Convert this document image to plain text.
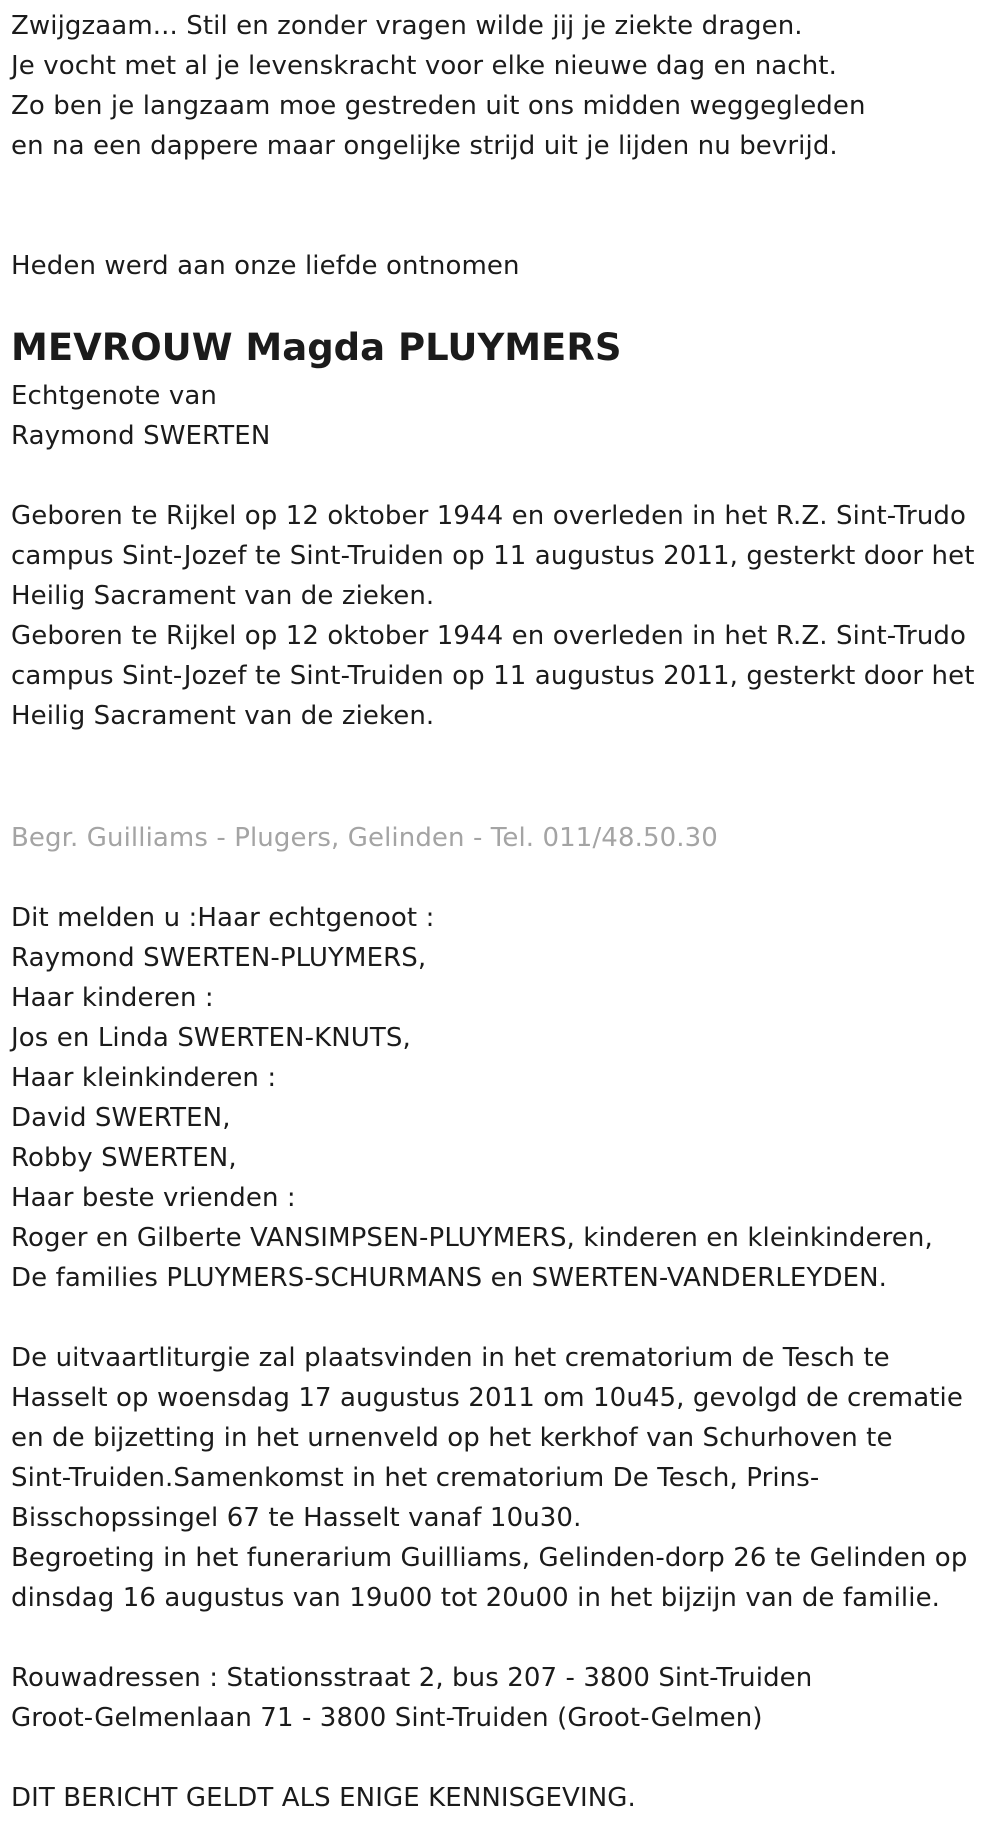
Zwijgzaam... Stil en zonder vragen wilde jij je ziekte dragen.
Je vocht met al je levenskracht voor elke nieuwe dag en nacht.
Zo ben je langzaam moe gestreden uit ons midden weggegleden
en na een dappere maar ongelijke strijd uit je lijden nu bevrijd.
Heden werd aan onze liefde ontnomen
MEVROUW Magda PLUYMERS
Echtgenote van
Raymond SWERTEN
Geboren te Rijkel op 12 oktober 1944 en overleden in het R.Z. Sint-Trudo
campus Sint-Jozef te Sint-Truiden op 11 augustus 2011, gesterkt door het
Heilig Sacrament van de zieken.
Geboren te Rijkel op 12 oktober 1944 en overleden in het R.Z. Sint-Trudo
campus Sint-Jozef te Sint-Truiden op 11 augustus 2011, gesterkt door het
Heilig Sacrament van de zieken.
Begr. Guilliams - Plugers, Gelinden - Tel. 011/48.50.30
Dit melden u :Haar echtgenoot :
Raymond SWERTEN-PLUYMERS,
Haar kinderen :
Jos en Linda SWERTEN-KNUTS,
Haar kleinkinderen :
David SWERTEN,
Robby SWERTEN,
Haar beste vrienden :
Roger en Gilberte VANSIMPSEN-PLUYMERS, kinderen en kleinkinderen,
De families PLUYMERS-SCHURMANS en SWERTEN-VANDERLEYDEN.
De uitvaartliturgie zal plaatsvinden in het crematorium de Tesch te
Hasselt op woensdag 17 augustus 2011 om 10u45, gevolgd de crematie
en de bijzetting in het urnenveld op het kerkhof van Schurhoven te
Sint-Truiden.Samenkomst in het crematorium De Tesch, Prins-
Bisschopssingel 67 te Hasselt vanaf 10u30.
Begroeting in het funerarium Guilliams, Gelinden-dorp 26 te Gelinden op
dinsdag 16 augustus van 19u00 tot 20u00 in het bijzijn van de familie.
Rouwadressen : Stationsstraat 2, bus 207 - 3800 Sint-Truiden
Groot-Gelmenlaan 71 - 3800 Sint-Truiden (Groot-Gelmen)
DIT BERICHT GELDT ALS ENIGE KENNISGEVING.
